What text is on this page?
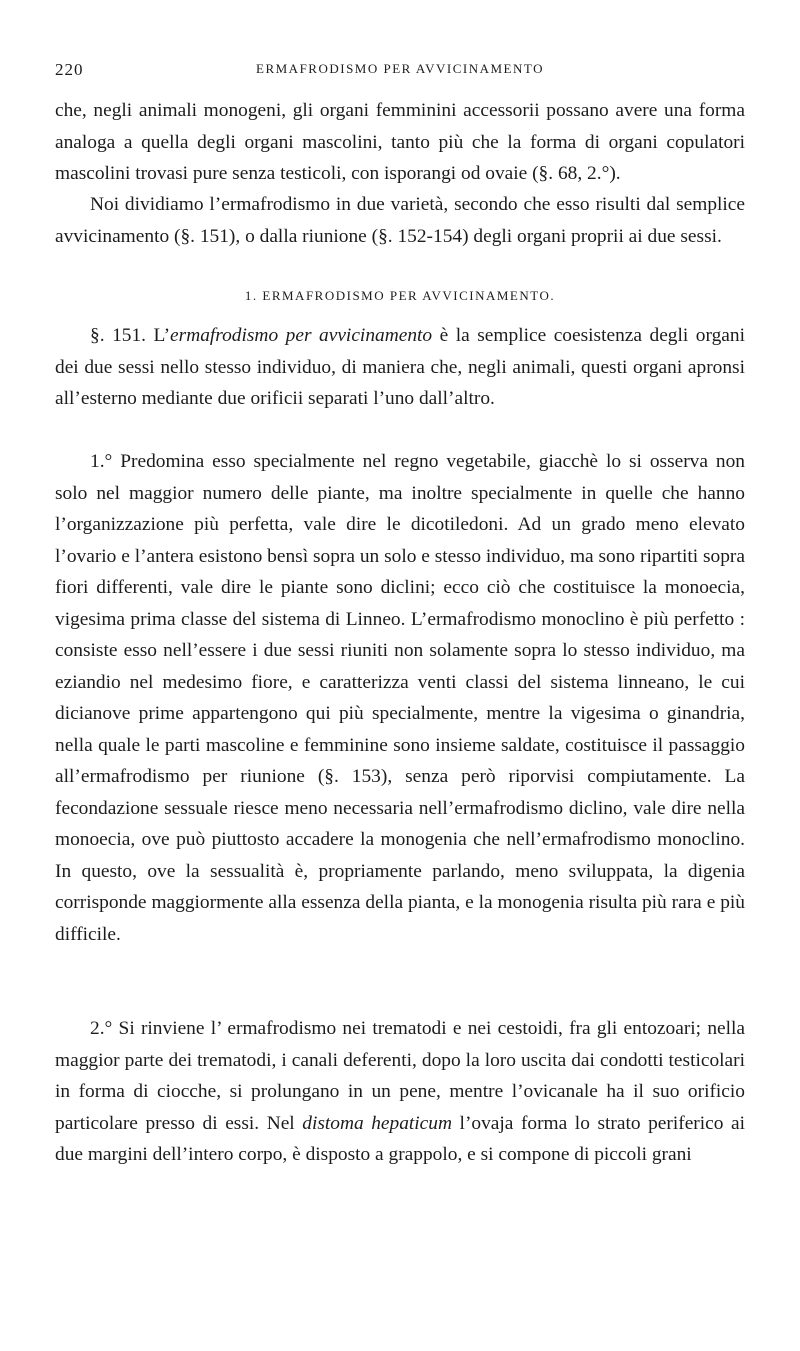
220	ERMAFRODISMO PER AVVICINAMENTO

che, negli animali monogeni, gli organi femminini accessorii possano avere una forma analoga a quella degli organi mascolini, tanto più che la forma di organi copulatori mascolini trovasi pure senza testicoli, con isporangi od ovaie (§. 68, 2.°).

Noi dividiamo l’ermafrodismo in due varietà, secondo che esso risulti dal semplice avvicinamento (§. 151), o dalla riunione (§. 152-154) degli organi proprii ai due sessi.

1. ERMAFRODISMO PER AVVICINAMENTO.

§. 151. L’ermafrodismo per avvicinamento è la semplice coesistenza degli organi dei due sessi nello stesso individuo, di maniera che, negli animali, questi organi apronsi all’esterno mediante due orificii separati l’uno dall’altro.

1.° Predomina esso specialmente nel regno vegetabile, giacchè lo si osserva non solo nel maggior numero delle piante, ma inoltre specialmente in quelle che hanno l’organizzazione più perfetta, vale dire le dicotiledoni. Ad un grado meno elevato l’ovario e l’antera esistono bensì sopra un solo e stesso individuo, ma sono ripartiti sopra fiori differenti, vale dire le piante sono diclini; ecco ciò che costituisce la monoecia, vigesima prima classe del sistema di Linneo. L’ermafrodismo monoclino è più perfetto : consiste esso nell’essere i due sessi riuniti non solamente sopra lo stesso individuo, ma eziandio nel medesimo fiore, e caratterizza venti classi del sistema linneano, le cui dicianove prime appartengono qui più specialmente, mentre la vigesima o ginandria, nella quale le parti mascoline e femminine sono insieme saldate, costituisce il passaggio all’ermafrodismo per riunione (§. 153), senza però riporvisi compiutamente. La fecondazione sessuale riesce meno necessaria nell’ermafrodismo diclino, vale dire nella monoecia, ove può piuttosto accadere la monogenia che nell’ermafrodismo monoclino. In questo, ove la sessualità è, propriamente parlando, meno sviluppata, la digenia corrisponde maggiormente alla essenza della pianta, e la monogenia risulta più rara e più difficile.

2.° Si rinviene l’ ermafrodismo nei trematodi e nei cestoidi, fra gli entozoari; nella maggior parte dei trematodi, i canali deferenti, dopo la loro uscita dai condotti testicolari in forma di ciocche, si prolungano in un pene, mentre l’ovicanale ha il suo orificio particolare presso di essi. Nel distoma hepaticum l’ovaja forma lo strato periferico ai due margini dell’intero corpo, è disposto a grappolo, e si compone di piccoli grani
